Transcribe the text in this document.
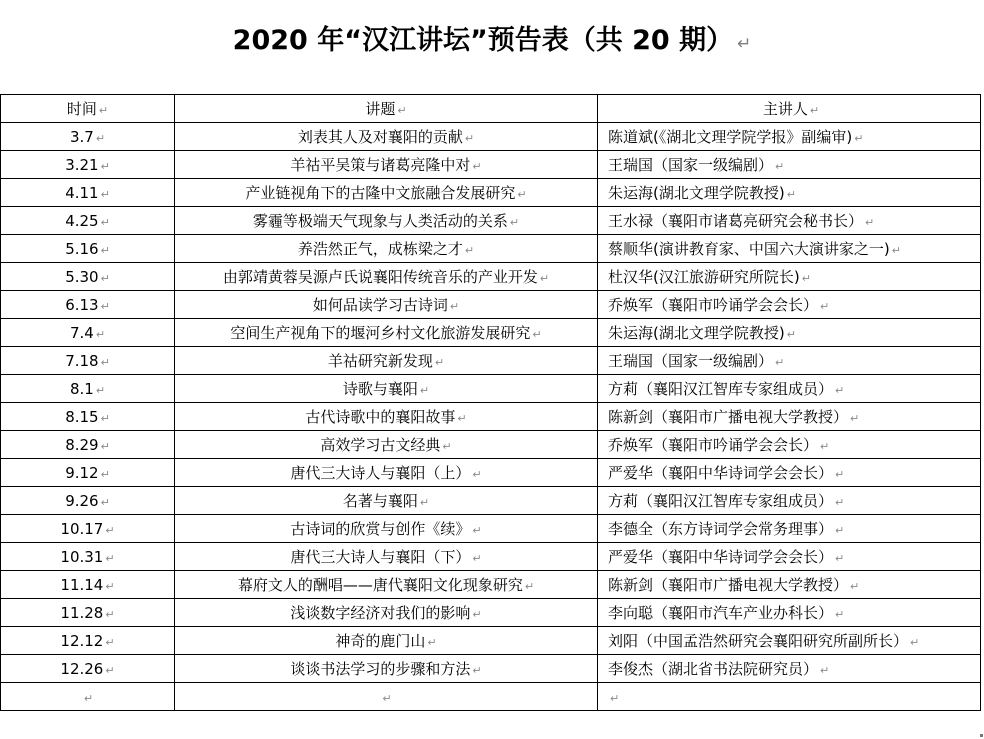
2020 年“汉江讲坛”预告表（共 20 期） ↵
时间 ↵	讲题 ↵	主讲人 ↵
3.7 ↵	刘表其人及对襄阳的贡献 ↵	陈道斌(《湖北文理学院学报》副编审) ↵
3.21 ↵	羊祜平吴策与诸葛亮隆中对 ↵	王瑞国（国家一级编剧） ↵
4.11 ↵	产业链视角下的古隆中文旅融合发展研究 ↵	朱运海(湖北文理学院教授) ↵
4.25 ↵	雾霾等极端天气现象与人类活动的关系 ↵	王水禄（襄阳市诸葛亮研究会秘书长） ↵
5.16 ↵	养浩然正气，成栋梁之才 ↵	蔡顺华(演讲教育家、中国六大演讲家之一) ↵
5.30 ↵	由郭靖黄蓉吴源卢氏说襄阳传统音乐的产业开发 ↵	杜汉华(汉江旅游研究所院长) ↵
6.13 ↵	如何品读学习古诗词 ↵	乔焕军（襄阳市吟诵学会会长） ↵
7.4 ↵	空间生产视角下的堰河乡村文化旅游发展研究 ↵	朱运海(湖北文理学院教授) ↵
7.18 ↵	羊祜研究新发现 ↵	王瑞国（国家一级编剧） ↵
8.1 ↵	诗歌与襄阳 ↵	方莉（襄阳汉江智库专家组成员） ↵
8.15 ↵	古代诗歌中的襄阳故事 ↵	陈新剑（襄阳市广播电视大学教授） ↵
8.29 ↵	高效学习古文经典 ↵	乔焕军（襄阳市吟诵学会会长） ↵
9.12 ↵	唐代三大诗人与襄阳（上） ↵	严爱华（襄阳中华诗词学会会长） ↵
9.26 ↵	名著与襄阳 ↵	方莉（襄阳汉江智库专家组成员） ↵
10.17 ↵	古诗词的欣赏与创作《续》 ↵	李德全（东方诗词学会常务理事） ↵
10.31 ↵	唐代三大诗人与襄阳（下） ↵	严爱华（襄阳中华诗词学会会长） ↵
11.14 ↵	幕府文人的酬唱——唐代襄阳文化现象研究 ↵	陈新剑（襄阳市广播电视大学教授） ↵
11.28 ↵	浅谈数字经济对我们的影响 ↵	李向聪（襄阳市汽车产业办科长） ↵
12.12 ↵	神奇的鹿门山 ↵	刘阳（中国孟浩然研究会襄阳研究所副所长） ↵
12.26 ↵	谈谈书法学习的步骤和方法 ↵	李俊杰（湖北省书法院研究员） ↵
↵	↵	↵
